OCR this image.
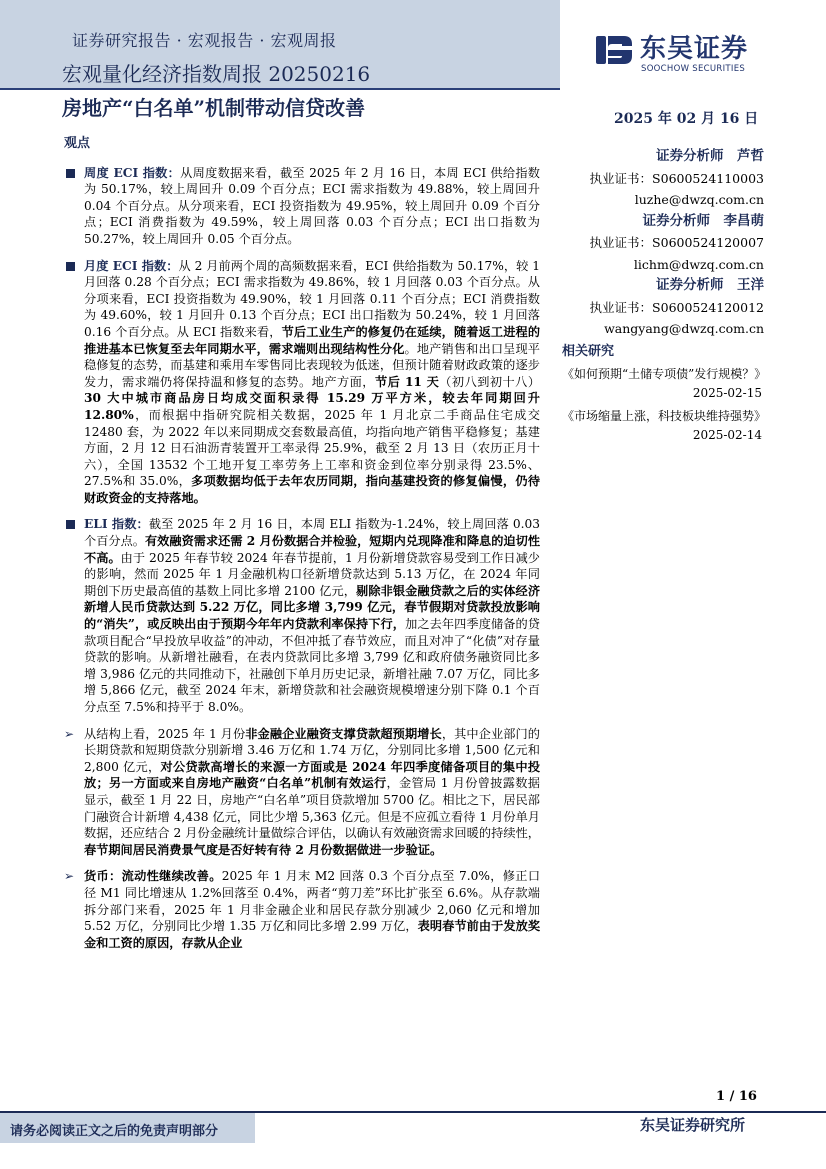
证券研究报告 · 宏观报告 · 宏观周报
宏观量化经济指数周报 20250216
东吴证券
SOOCHOW SECURITIES
房地产“白名单”机制带动信贷改善	2025 年 02 月 16 日
观点
周度 ECI 指数：从周度数据来看，截至 2025 年 2 月 16 日，本周 ECI 供给指数为 50.17%，较上周回升 0.09 个百分点；ECI 需求指数为 49.88%，较上周回升 0.04 个百分点。从分项来看，ECI 投资指数为 49.95%，较上周回升 0.09 个百分点；ECI 消费指数为 49.59%，较上周回落 0.03 个百分点；ECI 出口指数为 50.27%，较上周回升 0.05 个百分点。
月度 ECI 指数：从 2 月前两个周的高频数据来看，ECI 供给指数为 50.17%，较 1 月回落 0.28 个百分点；ECI 需求指数为 49.86%，较 1 月回落 0.03 个百分点。从分项来看，ECI 投资指数为 49.90%，较 1 月回落 0.11 个百分点；ECI 消费指数为 49.60%，较 1 月回升 0.13 个百分点；ECI 出口指数为 50.24%，较 1 月回落 0.16 个百分点。从 ECI 指数来看，节后工业生产的修复仍在延续，随着返工进程的推进基本已恢复至去年同期水平，需求端则出现结构性分化。地产销售和出口呈现平稳修复的态势，而基建和乘用车零售同比表现较为低迷，但预计随着财政政策的逐步发力，需求端仍将保持温和修复的态势。地产方面，节后 11 天（初八到初十八）30 大中城市商品房日均成交面积录得 15.29 万平方米，较去年同期回升 12.80%，而根据中指研究院相关数据，2025 年 1 月北京二手商品住宅成交 12480 套，为 2022 年以来同期成交套数最高值，均指向地产销售平稳修复；基建方面，2 月 12 日石油沥青装置开工率录得 25.9%，截至 2 月 13 日（农历正月十六），全国 13532 个工地开复工率劳务上工率和资金到位率分别录得 23.5%、27.5%和 35.0%，多项数据均低于去年农历同期，指向基建投资的修复偏慢，仍待财政资金的支持落地。
ELI 指数：截至 2025 年 2 月 16 日，本周 ELI 指数为-1.24%，较上周回落 0.03 个百分点。有效融资需求还需 2 月份数据合并检验，短期内兑现降准和降息的迫切性不高。由于 2025 年春节较 2024 年春节提前，1 月份新增贷款容易受到工作日减少的影响，然而 2025 年 1 月金融机构口径新增贷款达到 5.13 万亿，在 2024 年同期创下历史最高值的基数上同比多增 2100 亿元，剔除非银金融贷款之后的实体经济新增人民币贷款达到 5.22 万亿，同比多增 3,799 亿元，春节假期对贷款投放影响的“消失”，或反映出由于预期今年年内贷款利率保持下行，加之去年四季度储备的贷款项目配合“早投放早收益”的冲动，不但冲抵了春节效应，而且对冲了“化债”对存量贷款的影响。从新增社融看，在表内贷款同比多增 3,799 亿和政府债务融资同比多增 3,986 亿元的共同推动下，社融创下单月历史记录，新增社融 7.07 万亿，同比多增 5,866 亿元，截至 2024 年末，新增贷款和社会融资规模增速分别下降 0.1 个百分点至 7.5%和持平于 8.0%。
➢ 从结构上看，2025 年 1 月份非金融企业融资支撑贷款超预期增长，其中企业部门的长期贷款和短期贷款分别新增 3.46 万亿和 1.74 万亿，分别同比多增 1,500 亿元和 2,800 亿元，对公贷款高增长的来源一方面或是 2024 年四季度储备项目的集中投放；另一方面或来自房地产融资“白名单”机制有效运行，金管局 1 月份曾披露数据显示，截至 1 月 22 日，房地产“白名单”项目贷款增加 5700 亿。相比之下，居民部门融资合计新增 4,438 亿元，同比少增 5,363 亿元。但是不应孤立看待 1 月份单月数据，还应结合 2 月份金融统计量做综合评估，以确认有效融资需求回暖的持续性，春节期间居民消费景气度是否好转有待 2 月份数据做进一步验证。
➢ 货币：流动性继续改善。2025 年 1 月末 M2 回落 0.3 个百分点至 7.0%，修正口径 M1 同比增速从 1.2%回落至 0.4%，两者“剪刀差”环比扩张至 6.6%。从存款端拆分部门来看，2025 年 1 月非金融企业和居民存款分别减少 2,060 亿元和增加 5.52 万亿，分别同比少增 1.35 万亿和同比多增 2.99 万亿，表明春节前由于发放奖金和工资的原因，存款从企业
证券分析师　芦哲
执业证书：S0600524110003
luzhe@dwzq.com.cn
证券分析师　李昌萌
执业证书：S0600524120007
lichm@dwzq.com.cn
证券分析师　王洋
执业证书：S0600524120012
wangyang@dwzq.com.cn
相关研究
《如何预期“土储专项债”发行规模？》
2025-02-15
《市场缩量上涨，科技板块维持强势》
2025-02-14
1 / 16
请务必阅读正文之后的免责声明部分	东吴证券研究所
